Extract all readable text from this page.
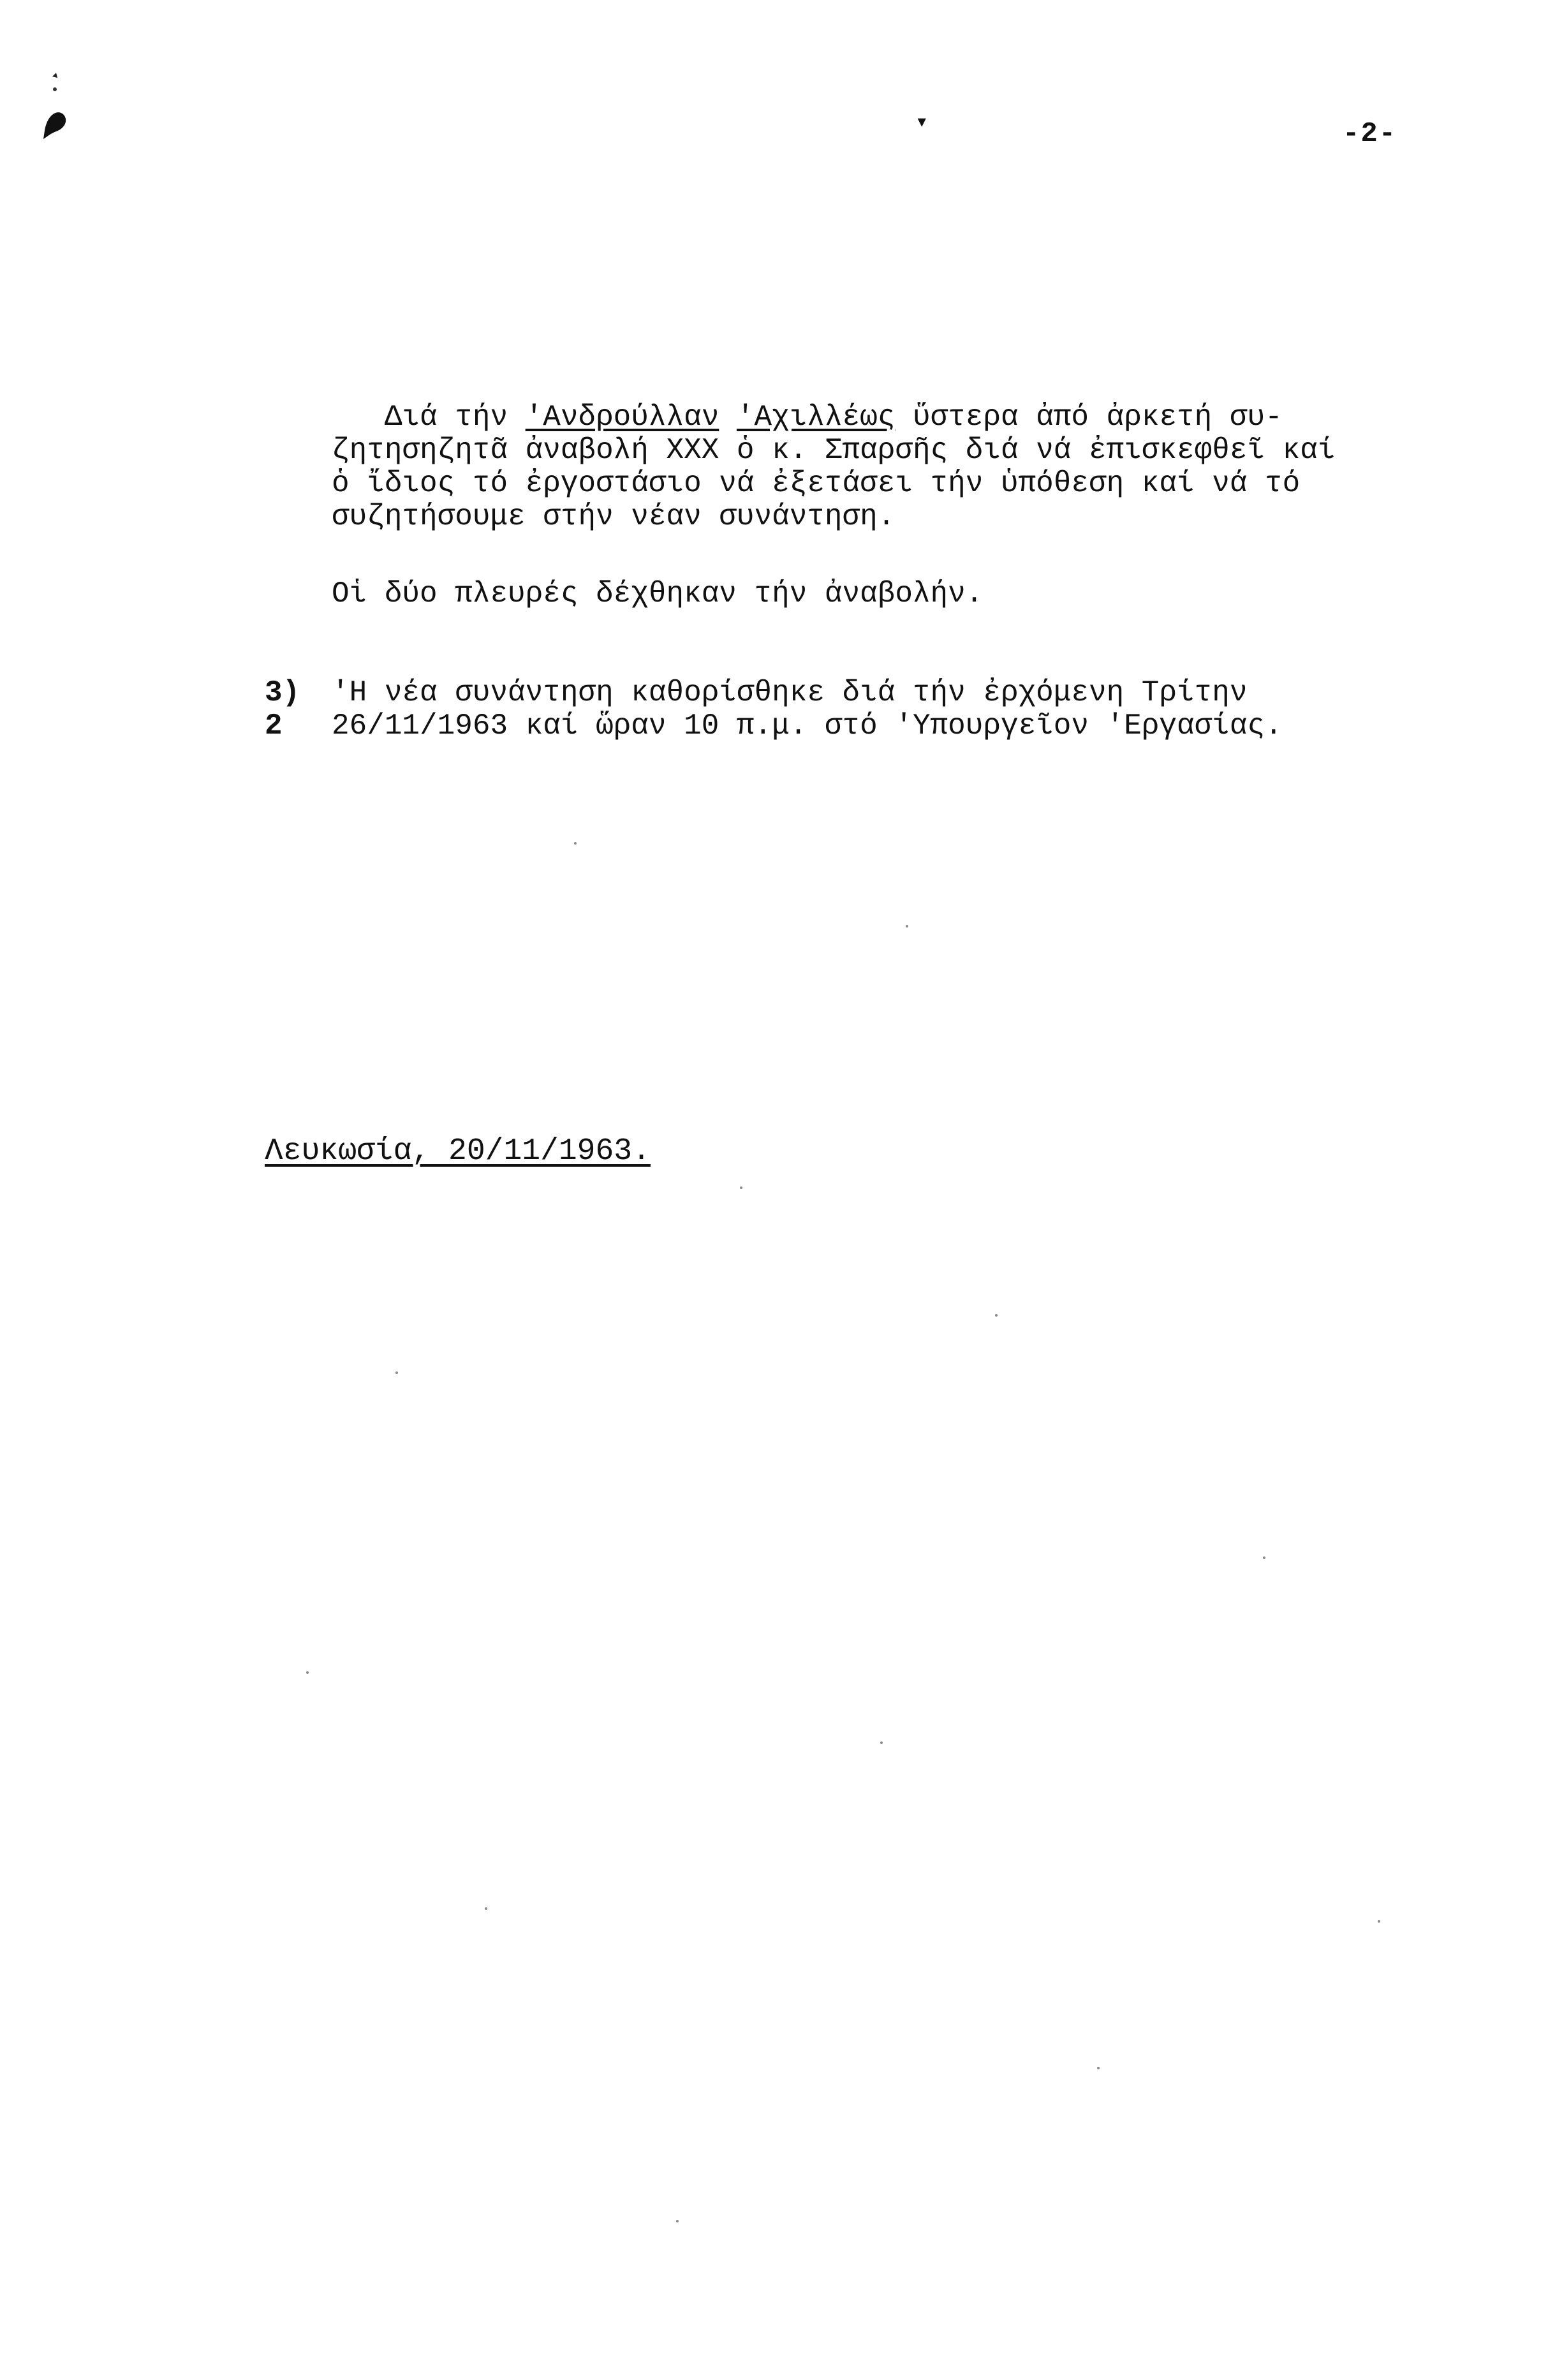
▾	-2-
Διά τήν 'Ανδρούλλαν 'Αχιλλέως ὕστερα ἀπό ἀρκετή συ-
ζητησηζητᾶ ἀναβολή ΧΧΧ ὁ κ. Σπαρσῆς διά νά ἐπισκεφθεῖ καί
ὁ ἴδιος τό ἐργοστάσιο νά ἐξετάσει τήν ὑπόθεση καί νά τό
συζητήσουμε στήν νέαν συνάντηση.
Οἱ δύο πλευρές δέχθηκαν τήν ἀναβολήν.
3)
2
'Η νέα συνάντηση καθορίσθηκε διά τήν ἐρχόμενη Τρίτην
26/11/1963 καί ὥραν 10 π.μ. στό 'Υπουργεῖον 'Εργασίας.
Λευκωσία, 20/11/1963.
